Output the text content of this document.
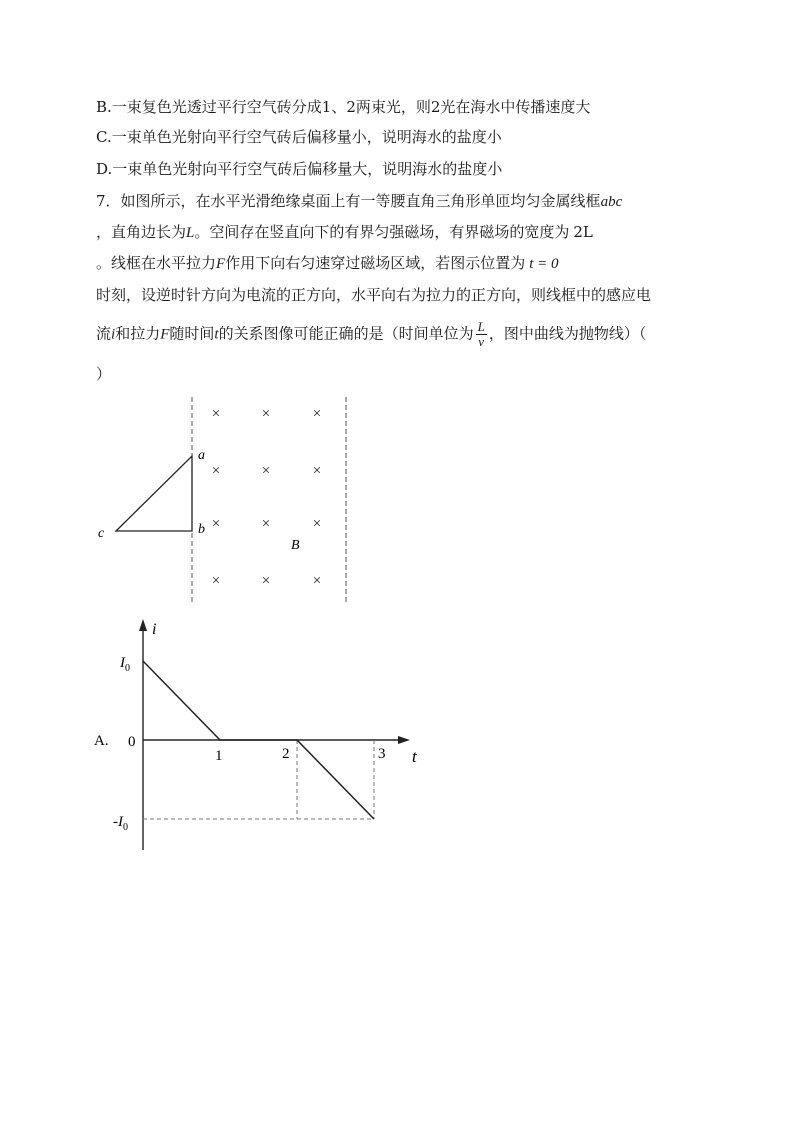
B.一束复色光透过平行空气砖分成1、2两束光，则2光在海水中传播速度大
C.一束单色光射向平行空气砖后偏移量小，说明海水的盐度小
D.一束单色光射向平行空气砖后偏移量大，说明海水的盐度小
7．如图所示，在水平光滑绝缘桌面上有一等腰直角三角形单匝均匀金属线框abc
，直角边长为L。空间存在竖直向下的有界匀强磁场，有界磁场的宽度为 2L
。线框在水平拉力F作用下向右匀速穿过磁场区域，若图示位置为 t = 0
时刻，设逆时针方向为电流的正方向，水平向右为拉力的正方向，则线框中的感应电
流i和拉力F随时间t的关系图像可能正确的是（时间单位为 $\frac{L}{v}$ ，图中曲线为抛物线）（
）
a
b
c
B
×	×	×
×	×	×
×	×	×
×	×	×
A.
i
t
$I_0$
0
$-I_0$
1	2	3
